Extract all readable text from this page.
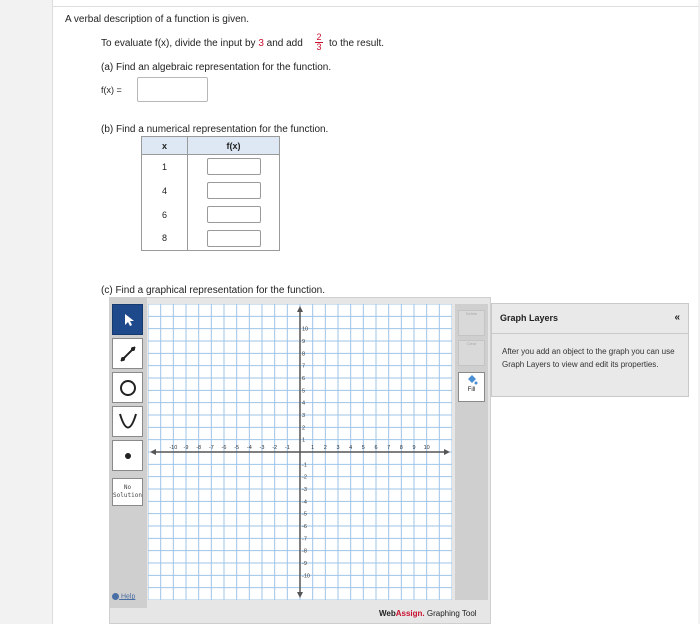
A verbal description of a function is given.
To evaluate f(x), divide the input by 3 and add
2
3 to the result.
(a) Find an algebraic representation for the function.
f(x) =
(b) Find a numerical representation for the function.
x	f(x)
1	
4	
6	
8	
(c) Find a graphical representation for the function.
No
Solution
Help
-10 -9 -8 -7 -6 -5 -4 -3 -2 -1	1 2 3 4 5 6 7 8 9 10
10
9
8
7
6
5
4
3
2
1
-1
-2
-3
-4
-5
-6
-7
-8
-9
-10
Delete
Clear

Fill
WebAssign. Graphing Tool
Graph Layers	«
After you add an object to the graph you can use Graph Layers to view and edit its properties.
